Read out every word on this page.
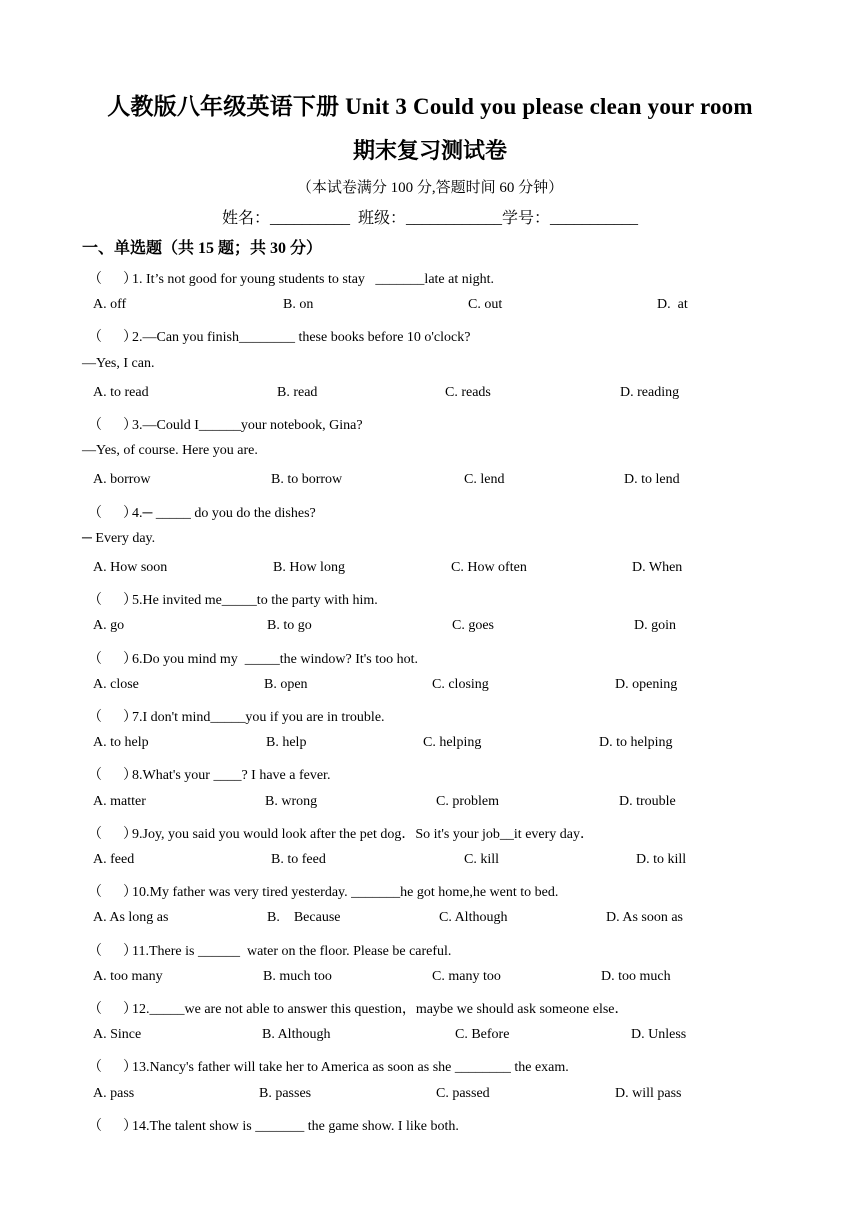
人教版八年级英语下册 Unit 3 Could you please clean your room
期末复习测试卷
（本试卷满分 100 分,答题时间 60 分钟）
姓名：__________  班级：____________学号：___________
一、单选题（共 15 题；共 30 分）
（      ）1. It’s not good for young students to stay   _______late at night.
A. off	B. on	C. out	D.  at
（      ）2.—Can you finish________ these books before 10 o'clock?
—Yes, I can.
A. to read	B. read	C. reads	D. reading
（      ）3.—Could I______your notebook, Gina?
—Yes, of course. Here you are.
A. borrow	B. to borrow	C. lend	D. to lend
（      ）4.─ _____ do you do the dishes?
─ Every day.
A. How soon	B. How long	C. How often	D. When
（      ）5.He invited me_____to the party with him.
A. go	B. to go	C. goes	D. goin
（      ）6.Do you mind my  _____the window? It's too hot.
A. close	B. open	C. closing	D. opening
（      ）7.I don't mind_____you if you are in trouble.
A. to help	B. help	C. helping	D. to helping
（      ）8.What's your ____? I have a fever.
A. matter	B. wrong	C. problem	D. trouble
（      ）9.Joy, you said you would look after the pet dog．So it's your job__it every day．
A. feed	B. to feed	C. kill	D. to kill
（      ）10.My father was very tired yesterday. _______he got home,he went to bed.
A. As long as	B.    Because	C. Although	D. As soon as
（      ）11.There is ______  water on the floor. Please be careful.
A. too many	B. much too	C. many too	D. too much
（      ）12._____we are not able to answer this question，maybe we should ask someone else．
A. Since	B. Although	C. Before	D. Unless
（      ）13.Nancy's father will take her to America as soon as she ________ the exam.
A. pass	B. passes	C. passed	D. will pass
（      ）14.The talent show is _______ the game show. I like both.
